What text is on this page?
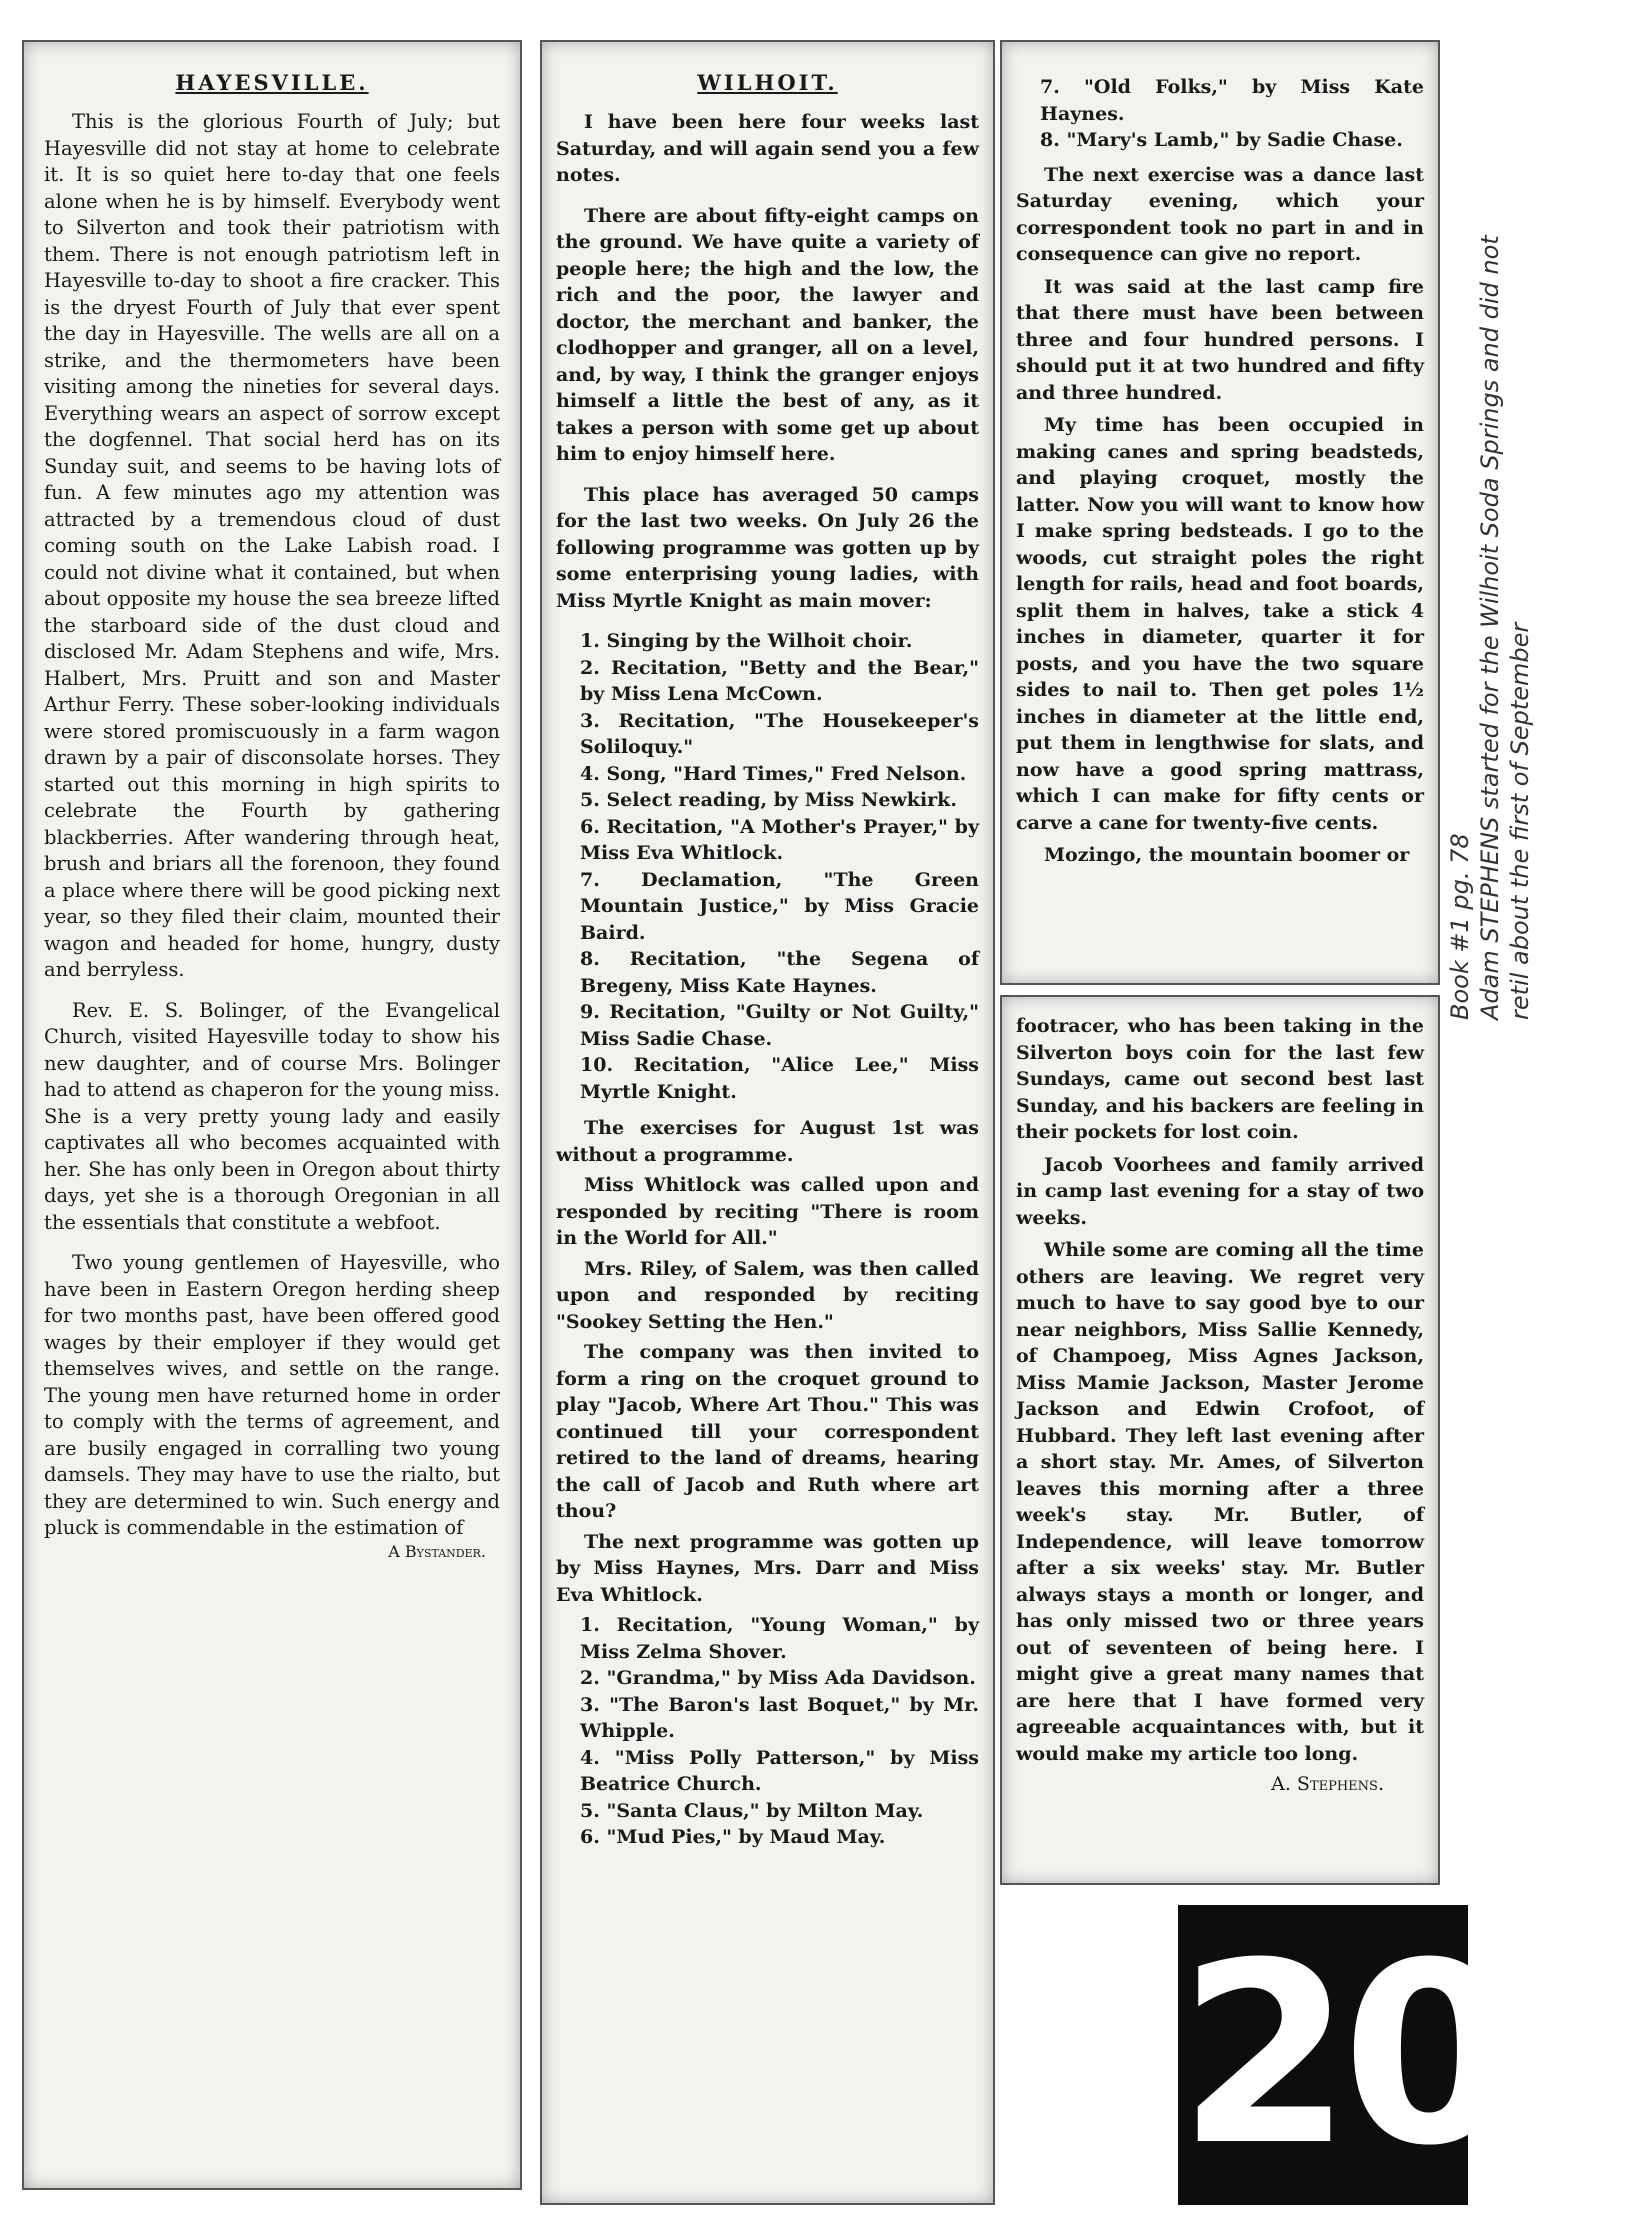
HAYESVILLE.

This is the glorious Fourth of July; but Hayesville did not stay at home to celebrate it. It is so quiet here to-day that one feels alone when he is by himself. Everybody went to Silverton and took their patriotism with them. There is not enough patriotism left in Hayesville to-day to shoot a fire cracker. This is the dryest Fourth of July that ever spent the day in Hayesville. The wells are all on a strike, and the thermometers have been visiting among the nineties for several days. Everything wears an aspect of sorrow except the dogfennel. That social herd has on its Sunday suit, and seems to be having lots of fun. A few minutes ago my attention was attracted by a tremendous cloud of dust coming south on the Lake Labish road. I could not divine what it contained, but when about opposite my house the sea breeze lifted the starboard side of the dust cloud and disclosed Mr. Adam Stephens and wife, Mrs. Halbert, Mrs. Pruitt and son and Master Arthur Ferry. These sober-looking individuals were stored promiscuously in a farm wagon drawn by a pair of disconsolate horses. They started out this morning in high spirits to celebrate the Fourth by gathering blackberries. After wandering through heat, brush and briars all the forenoon, they found a place where there will be good picking next year, so they filed their claim, mounted their wagon and headed for home, hungry, dusty and berryless.

Rev. E. S. Bolinger, of the Evangelical Church, visited Hayesville today to show his new daughter, and of course Mrs. Bolinger had to attend as chaperon for the young miss. She is a very pretty young lady and easily captivates all who becomes acquainted with her. She has only been in Oregon about thirty days, yet she is a thorough Oregonian in all the essentials that constitute a webfoot.

Two young gentlemen of Hayesville, who have been in Eastern Oregon herding sheep for two months past, have been offered good wages by their employer if they would get themselves wives, and settle on the range. The young men have returned home in order to comply with the terms of agreement, and are busily engaged in corralling two young damsels. They may have to use the rialto, but they are determined to win. Such energy and pluck is commendable in the estimation of

A Bystander.
WILHOIT.

I have been here four weeks last Saturday, and will again send you a few notes.

There are about fifty-eight camps on the ground. We have quite a variety of people here; the high and the low, the rich and the poor, the lawyer and doctor, the merchant and banker, the clodhopper and granger, all on a level, and, by way, I think the granger enjoys himself a little the best of any, as it takes a person with some get up about him to enjoy himself here.

This place has averaged 50 camps for the last two weeks. On July 26 the following programme was gotten up by some enterprising young ladies, with Miss Myrtle Knight as main mover:

1. Singing by the Wilhoit choir.

2. Recitation, "Betty and the Bear," by Miss Lena McCown.

3. Recitation, "The Housekeeper's Soliloquy."

4. Song, "Hard Times," Fred Nelson.

5. Select reading, by Miss Newkirk.

6. Recitation, "A Mother's Prayer," by Miss Eva Whitlock.

7. Declamation, "The Green Mountain Justice," by Miss Gracie Baird.

8. Recitation, "the Segena of Bregeny, Miss Kate Haynes.

9. Recitation, "Guilty or Not Guilty," Miss Sadie Chase.

10. Recitation, "Alice Lee," Miss Myrtle Knight.

The exercises for August 1st was without a programme.

Miss Whitlock was called upon and responded by reciting "There is room in the World for All."

Mrs. Riley, of Salem, was then called upon and responded by reciting "Sookey Setting the Hen."

The company was then invited to form a ring on the croquet ground to play "Jacob, Where Art Thou." This was continued till your correspondent retired to the land of dreams, hearing the call of Jacob and Ruth where art thou?

The next programme was gotten up by Miss Haynes, Mrs. Darr and Miss Eva Whitlock.

1. Recitation, "Young Woman," by Miss Zelma Shover.

2. "Grandma," by Miss Ada Davidson.

3. "The Baron's last Boquet," by Mr. Whipple.

4. "Miss Polly Patterson," by Miss Beatrice Church.

5. "Santa Claus," by Milton May.

6. "Mud Pies," by Maud May.

7. "Old Folks," by Miss Kate Haynes.

8. "Mary's Lamb," by Sadie Chase.

The next exercise was a dance last Saturday evening, which your correspondent took no part in and in consequence can give no report.

It was said at the last camp fire that there must have been between three and four hundred persons. I should put it at two hundred and fifty and three hundred.

My time has been occupied in making canes and spring beadsteds, and playing croquet, mostly the latter. Now you will want to know how I make spring bedsteads. I go to the woods, cut straight poles the right length for rails, head and foot boards, split them in halves, take a stick 4 inches in diameter, quarter it for posts, and you have the two square sides to nail to. Then get poles 1½ inches in diameter at the little end, put them in lengthwise for slats, and now have a good spring mattrass, which I can make for fifty cents or carve a cane for twenty-five cents.

Mozingo, the mountain boomer or

footracer, who has been taking in the Silverton boys coin for the last few Sundays, came out second best last Sunday, and his backers are feeling in their pockets for lost coin.

Jacob Voorhees and family arrived in camp last evening for a stay of two weeks.

While some are coming all the time others are leaving. We regret very much to have to say good bye to our near neighbors, Miss Sallie Kennedy, of Champoeg, Miss Agnes Jackson, Miss Mamie Jackson, Master Jerome Jackson and Edwin Crofoot, of Hubbard. They left last evening after a short stay. Mr. Ames, of Silverton leaves this morning after a three week's stay. Mr. Butler, of Independence, will leave tomorrow after a six weeks' stay. Mr. Butler always stays a month or longer, and has only missed two or three years out of seventeen of being here. I might give a great many names that are here that I have formed very agreeable acquaintances with, but it would make my article too long.

A. Stephens.
Book #1 pg. 78 Adam STEPHENS started for the Wilhoit Soda Springs and did not retil about the first of September
20
